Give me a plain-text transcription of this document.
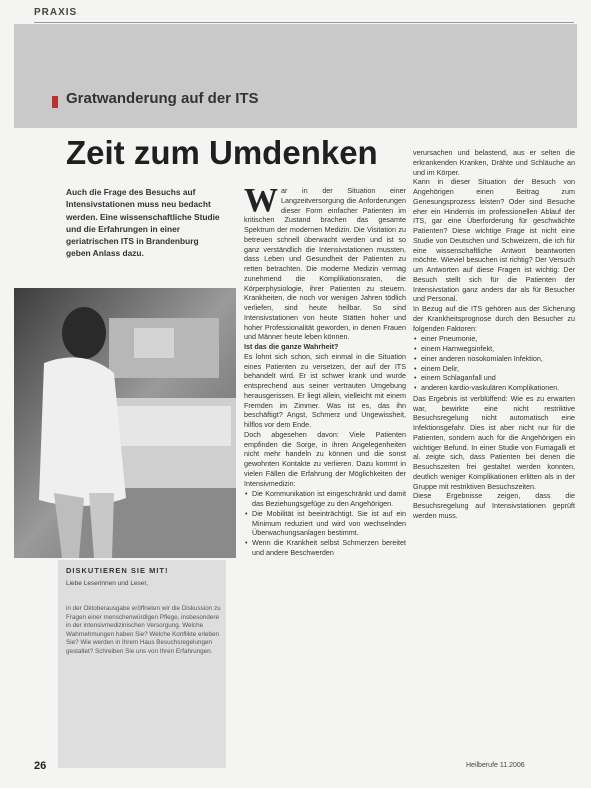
PRAXIS
Gratwanderung auf der ITS
Zeit zum Umdenken

Auch die Frage des Besuchs auf Intensivstationen muss neu bedacht werden. Eine wissenschaftliche Studie und die Erfahrungen in einer geriatrischen ITS in Brandenburg geben Anlass dazu.

DISKUTIEREN SIE MIT!
Liebe Leserinnen und Leser,

in der Oktoberausgabe eröffneten wir die Diskussion zu Fragen einer menschenwürdigen Pflege, insbesondere in der intensivmedizinischen Versorgung. Welche Wahrnehmungen haben Sie? Welche Konflikte erleben Sie? Wie werden in Ihrem Haus Besuchsregelungen gestaltet? Schreiben Sie uns von Ihren Erfahrungen.

W ar in der Situation einer Langzeitversorgung die Anforderungen dieser Form einfacher Patienten im kritischen Zustand brachen das gesamte Spektrum der modernen Medizin. Die Visitation zu betreuen schnell überwacht werden und ist so ganz verständlich die Intensivstationen mussten, dass Leben und Gesundheit der Patienten zu retten betrachten. Die moderne Medizin vermag zunehmend die Komplikationsraten, die Körperphysiologie, ihrer Patienten zu steuern. Krankheiten, die noch vor wenigen Jahren tödlich verliefen, sind heute heilbar. So sind Intensivstationen von heute Stätten hoher und hoher Professionalität geworden, in denen Frauen und Männer heute leben können.

Ist das die ganze Wahrheit?

Es lohnt sich schon, sich einmal in die Situation eines Patienten zu versetzen, der auf der ITS behandelt wird. Er ist schwer krank und wurde entsprechend aus seiner vertrauten Umgebung herausgerissen. Er liegt allein, vielleicht mit einem Fremden im Zimmer. Was ist es, das ihn beschäftigt? Angst, Schmerz und Ungewissheit, hilflos vor dem Ende.

Doch abgesehen davon: Viele Patienten empfinden die Sorge, in ihren Angelegenheiten nicht mehr handeln zu können und die sonst gewohnten Kontakte zu verlieren. Dazu kommt in vielen Fällen die Erfahrung der Möglichkeiten der Intensivmedizin:

• Die Kommunikation ist eingeschränkt und damit das Beziehungsgefüge zu den Angehörigen.
• Die Mobilität ist beeinträchtigt. Sie ist auf ein Minimum reduziert und wird von wechselnden Überwachungsanlagen bestimmt.
• Wenn die Krankheit selbst Schmerzen bereitet und andere Beschwerden

verursachen und belastend, aus er selten die erkrankenden Kranken, Drähte und Schläuche an und im Körper.

Kann in dieser Situation der Besuch von Angehörigen einen Beitrag zum Genesungsprozess leisten? Oder sind Besuche eher ein Hindernis im professionellen Ablauf der ITS, gar eine Überforderung für geschwächte Patienten? Diese wichtige Frage ist nicht eine Studie von Deutschen und Schweizern, die ich für eine wissenschaftliche Antwort beantworten möchte. Wieviel besuchen ist richtig? Der Versuch um Antworten auf diese Fragen ist wichtig: Der Besuch stellt sich für die Patienten der Intensivstation ganz anders dar als für Besucher und Personal.

In Bezug auf die ITS gehören aus der Sicherung der Krankheitsprognose durch den Besucher zu folgenden Faktoren:

• einer Pneumonie,
• einem Harnwegsinfekt,
• einer anderen nosokomialen Infektion,
• einem Delir,
• einem Schlaganfall und
• anderen kardio-vaskulären Komplikationen.

Das Ergebnis ist verblüffend: Wie es zu erwarten war, bewirkte eine nicht restriktive Besuchsregelung nicht automatisch eine Infektionsgefahr. Dies ist aber nicht nur für die Patienten, sondern auch für die Angehörigen ein wichtiger Befund. In einer Studie von Fumagalli et al. zeigte sich, dass Patienten bei denen die Besuchszeiten frei gestaltet werden konnten, deutlich weniger Komplikationen erlitten als in der Gruppe mit restriktiven Besuchszeiten.

Diese Ergebnisse zeigen, dass die Besuchsregelung auf Intensivstationen geprüft werden muss.

26	Heilberufe 11.2006
